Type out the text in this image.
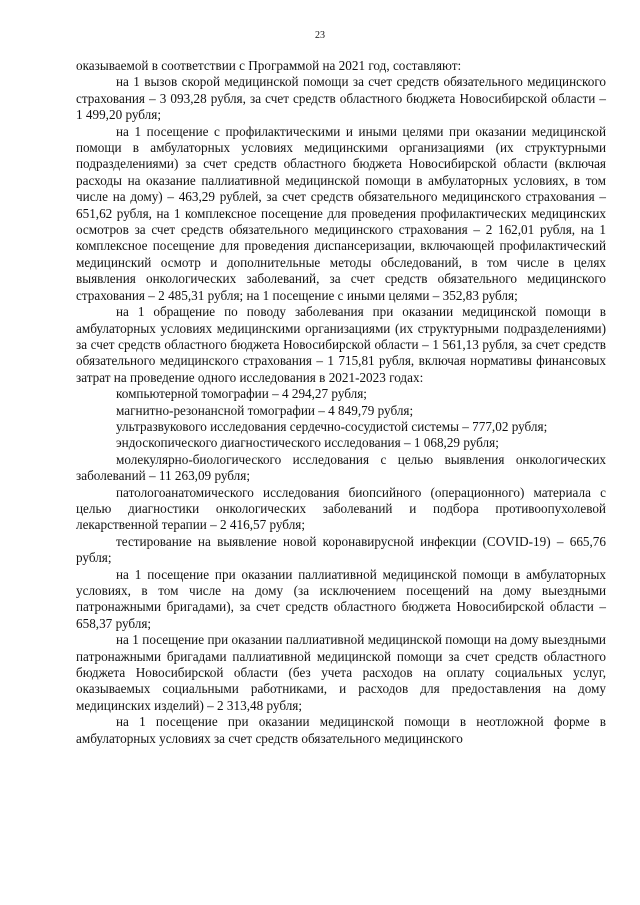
23

оказываемой в соответствии с Программой на 2021 год, составляют:

на 1 вызов скорой медицинской помощи за счет средств обязательного медицинского страхования – 3 093,28 рубля, за счет средств областного бюджета Новосибирской области – 1 499,20 рубля;

на 1 посещение с профилактическими и иными целями при оказании медицинской помощи в амбулаторных условиях медицинскими организациями (их структурными подразделениями) за счет средств областного бюджета Новосибирской области (включая расходы на оказание паллиативной медицинской помощи в амбулаторных условиях, в том числе на дому) – 463,29 рублей, за счет средств обязательного медицинского страхования – 651,62 рубля, на 1 комплексное посещение для проведения профилактических медицинских осмотров за счет средств обязательного медицинского страхования – 2 162,01 рубля, на 1 комплексное посещение для проведения диспансеризации, включающей профилактический медицинский осмотр и дополнительные методы обследований, в том числе в целях выявления онкологических заболеваний, за счет средств обязательного медицинского страхования – 2 485,31 рубля; на 1 посещение с иными целями – 352,83 рубля;

на 1 обращение по поводу заболевания при оказании медицинской помощи в амбулаторных условиях медицинскими организациями (их структурными подразделениями) за счет средств областного бюджета Новосибирской области – 1 561,13 рубля, за счет средств обязательного медицинского страхования – 1 715,81 рубля, включая нормативы финансовых затрат на проведение одного исследования в 2021-2023 годах:

компьютерной томографии – 4 294,27 рубля;

магнитно-резонансной томографии – 4 849,79 рубля;

ультразвукового исследования сердечно-сосудистой системы – 777,02 рубля;

эндоскопического диагностического исследования – 1 068,29 рубля;

молекулярно-биологического исследования с целью выявления онкологических заболеваний – 11 263,09 рубля;

патологоанатомического исследования биопсийного (операционного) материала с целью диагностики онкологических заболеваний и подбора противоопухолевой лекарственной терапии – 2 416,57 рубля;

тестирование на выявление новой коронавирусной инфекции (COVID-19) – 665,76 рубля;

на 1 посещение при оказании паллиативной медицинской помощи в амбулаторных условиях, в том числе на дому (за исключением посещений на дому выездными патронажными бригадами), за счет средств областного бюджета Новосибирской области – 658,37 рубля;

на 1 посещение при оказании паллиативной медицинской помощи на дому выездными патронажными бригадами паллиативной медицинской помощи за счет средств областного бюджета Новосибирской области (без учета расходов на оплату социальных услуг, оказываемых социальными работниками, и расходов для предоставления на дому медицинских изделий) – 2 313,48 рубля;

на 1 посещение при оказании медицинской помощи в неотложной форме в амбулаторных условиях за счет средств обязательного медицинского
